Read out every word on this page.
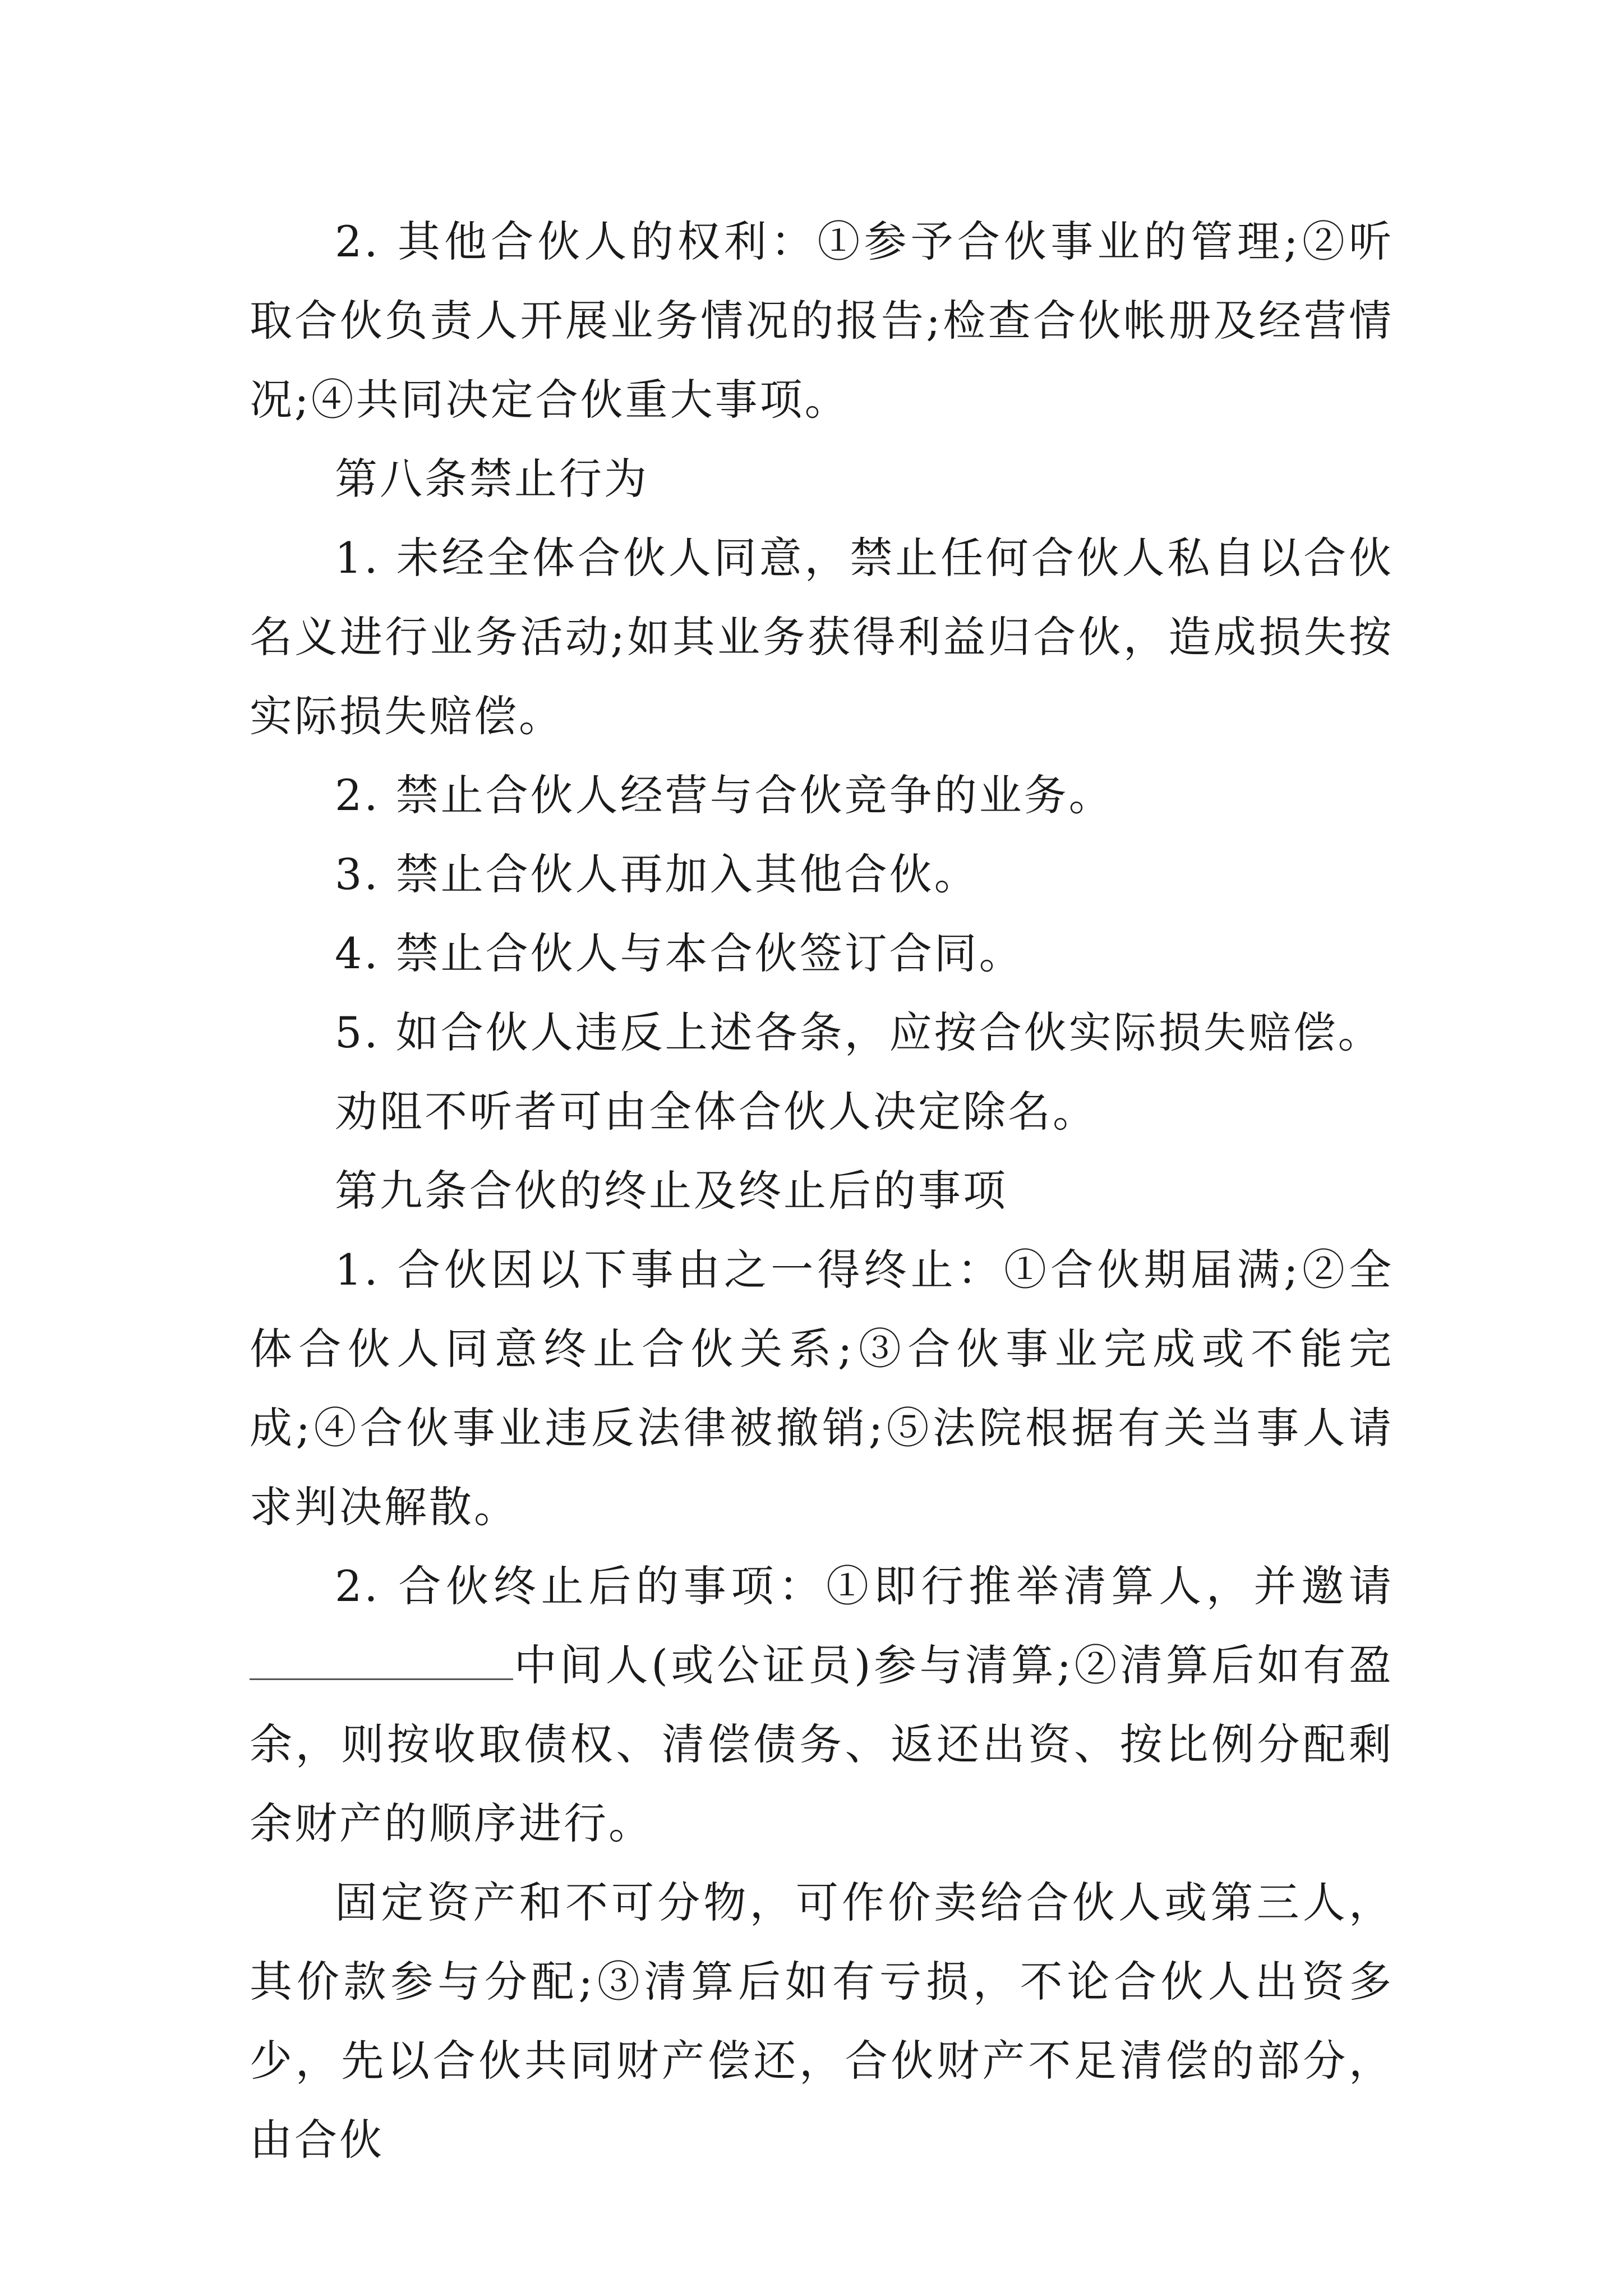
2. 其他合伙人的权利：①参予合伙事业的管理;②听取合伙负责人开展业务情况的报告;检查合伙帐册及经营情况;④共同决定合伙重大事项。

第八条禁止行为

1. 未经全体合伙人同意，禁止任何合伙人私自以合伙名义进行业务活动;如其业务获得利益归合伙，造成损失按实际损失赔偿。

2. 禁止合伙人经营与合伙竞争的业务。

3. 禁止合伙人再加入其他合伙。

4. 禁止合伙人与本合伙签订合同。

5. 如合伙人违反上述各条，应按合伙实际损失赔偿。

劝阻不听者可由全体合伙人决定除名。

第九条合伙的终止及终止后的事项

1. 合伙因以下事由之一得终止：①合伙期届满;②全体合伙人同意终止合伙关系;③合伙事业完成或不能完成;④合伙事业违反法律被撤销;⑤法院根据有关当事人请求判决解散。

2. 合伙终止后的事项：①即行推举清算人，并邀请中间人(或公证员)参与清算;②清算后如有盈余，则按收取债权、清偿债务、返还出资、按比例分配剩余财产的顺序进行。

固定资产和不可分物，可作价卖给合伙人或第三人，其价款参与分配;③清算后如有亏损，不论合伙人出资多少，先以合伙共同财产偿还，合伙财产不足清偿的部分，由合伙
